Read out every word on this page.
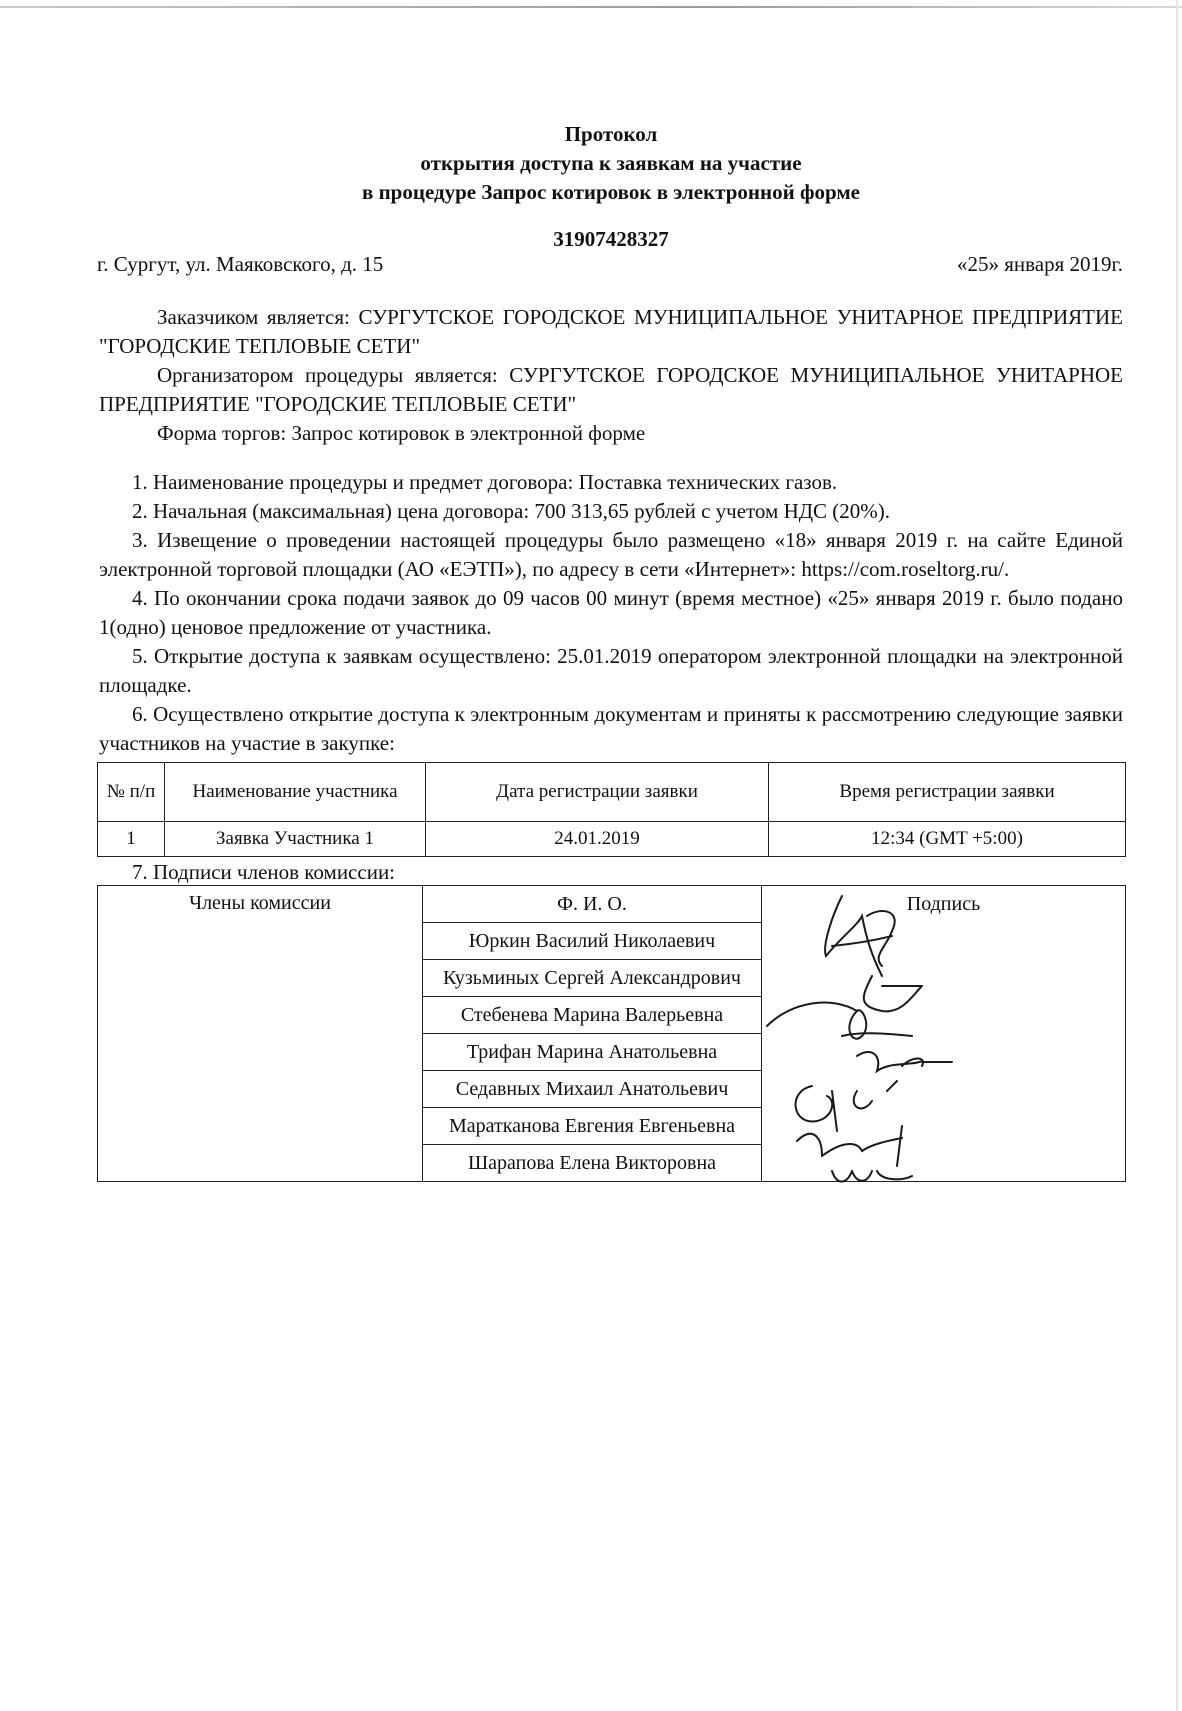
Протокол
открытия доступа к заявкам на участие
в процедуре Запрос котировок в электронной форме
31907428327
г. Сургут, ул. Маяковского, д. 15	«25» января 2019г.
Заказчиком является: СУРГУТСКОЕ ГОРОДСКОЕ МУНИЦИПАЛЬНОЕ УНИТАРНОЕ ПРЕДПРИЯТИЕ "ГОРОДСКИЕ ТЕПЛОВЫЕ СЕТИ"
Организатором процедуры является: СУРГУТСКОЕ ГОРОДСКОЕ МУНИЦИПАЛЬНОЕ УНИТАРНОЕ ПРЕДПРИЯТИЕ "ГОРОДСКИЕ ТЕПЛОВЫЕ СЕТИ"
Форма торгов: Запрос котировок в электронной форме
1. Наименование процедуры и предмет договора: Поставка технических газов.
2. Начальная (максимальная) цена договора: 700 313,65 рублей с учетом НДС (20%).
3. Извещение о проведении настоящей процедуры было размещено «18» января 2019 г. на сайте Единой электронной торговой площадки (АО «ЕЭТП»), по адресу в сети «Интернет»: https://com.roseltorg.ru/.
4. По окончании срока подачи заявок до 09 часов 00 минут (время местное) «25» января 2019 г. было подано 1(одно) ценовое предложение от участника.
5. Открытие доступа к заявкам осуществлено: 25.01.2019 оператором электронной площадки на электронной площадке.
6. Осуществлено открытие доступа к электронным документам и приняты к рассмотрению следующие заявки участников на участие в закупке:
№ п/п	Наименование участника	Дата регистрации заявки	Время регистрации заявки
1	Заявка Участника 1	24.01.2019	12:34 (GMT +5:00)
7. Подписи членов комиссии:
Члены комиссии	Ф. И. О.	Подпись

Юркин Василий Николаевич
Кузьминых Сергей Александрович
Стебенева Марина Валерьевна
Трифан Марина Анатольевна
Седавных Михаил Анатольевич
Маратканова Евгения Евгеньевна
Шарапова Елена Викторовна
